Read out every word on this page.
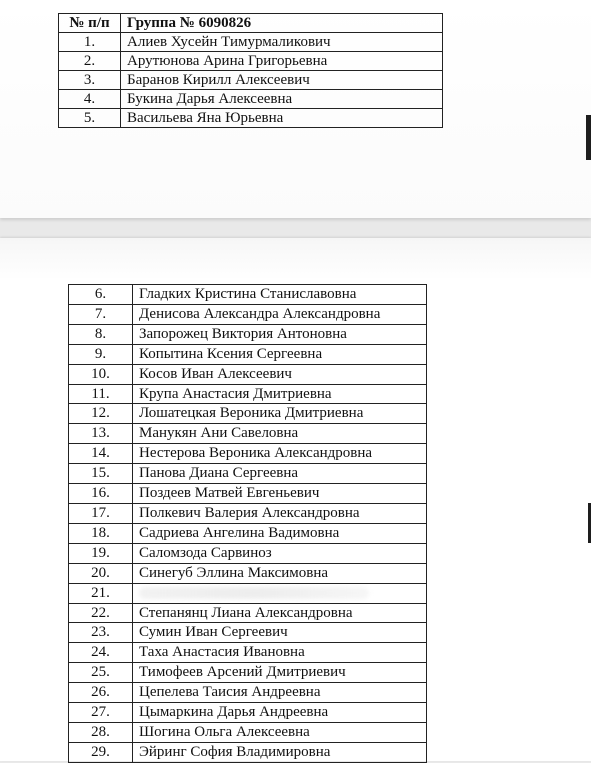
№ п/п	Группа № 6090826
1.	Алиев Хусейн Тимурмаликович
2.	Арутюнова Арина Григорьевна
3.	Баранов Кирилл Алексеевич
4.	Букина Дарья Алексеевна
5.	Васильева Яна Юрьевна
6.	Гладких Кристина Станиславовна
7.	Денисова Александра Александровна
8.	Запорожец Виктория Антоновна
9.	Копытина Ксения Сергеевна
10.	Косов Иван Алексеевич
11.	Крупа Анастасия Дмитриевна
12.	Лошатецкая Вероника Дмитриевна
13.	Манукян Ани Савеловна
14.	Нестерова Вероника Александровна
15.	Панова Диана Сергеевна
16.	Поздеев Матвей Евгеньевич
17.	Полкевич Валерия Александровна
18.	Садриева Ангелина Вадимовна
19.	Саломзода Сарвиноз
20.	Синегуб Эллина Максимовна
21.	
22.	Степанянц Лиана Александровна
23.	Сумин Иван Сергеевич
24.	Таха Анастасия Ивановна
25.	Тимофеев Арсений Дмитриевич
26.	Цепелева Таисия Андреевна
27.	Цымаркина Дарья Андреевна
28.	Шогина Ольга Алексеевна
29.	Эйринг София Владимировна
